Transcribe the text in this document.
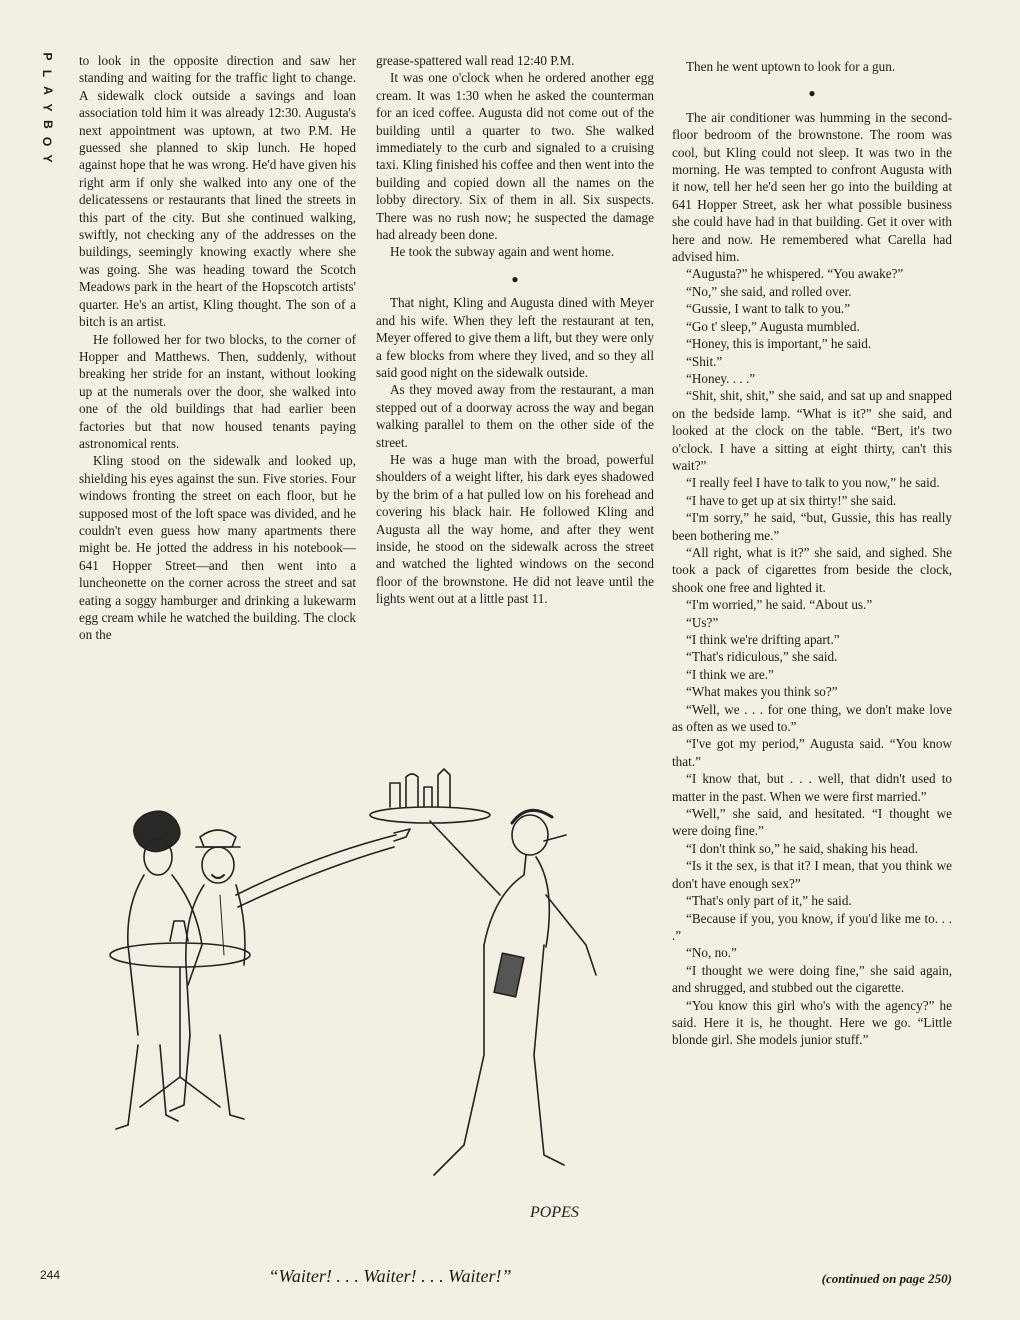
P
L
A
Y
B
O
Y

to look in the opposite direction and saw her standing and waiting for the traffic light to change. A sidewalk clock outside a savings and loan association told him it was already 12:30. Augusta's next appointment was uptown, at two P.M. He guessed she planned to skip lunch. He hoped against hope that he was wrong. He'd have given his right arm if only she walked into any one of the delicatessens or restaurants that lined the streets in this part of the city. But she continued walking, swiftly, not checking any of the addresses on the buildings, seemingly knowing exactly where she was going. She was heading toward the Scotch Meadows park in the heart of the Hopscotch artists' quarter. He's an artist, Kling thought. The son of a bitch is an artist.

He followed her for two blocks, to the corner of Hopper and Matthews. Then, suddenly, without breaking her stride for an instant, without looking up at the numerals over the door, she walked into one of the old buildings that had earlier been factories but that now housed tenants paying astronomical rents.

Kling stood on the sidewalk and looked up, shielding his eyes against the sun. Five stories. Four windows fronting the street on each floor, but he supposed most of the loft space was divided, and he couldn't even guess how many apartments there might be. He jotted the address in his notebook—641 Hopper Street—and then went into a luncheonette on the corner across the street and sat eating a soggy hamburger and drinking a lukewarm egg cream while he watched the building. The clock on the

grease-spattered wall read 12:40 P.M.

It was one o'clock when he ordered another egg cream. It was 1:30 when he asked the counterman for an iced coffee. Augusta did not come out of the building until a quarter to two. She walked immediately to the curb and signaled to a cruising taxi. Kling finished his coffee and then went into the building and copied down all the names on the lobby directory. Six of them in all. Six suspects. There was no rush now; he suspected the damage had already been done.

He took the subway again and went home.

●

That night, Kling and Augusta dined with Meyer and his wife. When they left the restaurant at ten, Meyer offered to give them a lift, but they were only a few blocks from where they lived, and so they all said good night on the sidewalk outside.

As they moved away from the restaurant, a man stepped out of a doorway across the way and began walking parallel to them on the other side of the street.

He was a huge man with the broad, powerful shoulders of a weight lifter, his dark eyes shadowed by the brim of a hat pulled low on his forehead and covering his black hair. He followed Kling and Augusta all the way home, and after they went inside, he stood on the sidewalk across the street and watched the lighted windows on the second floor of the brownstone. He did not leave until the lights went out at a little past 11.

Then he went uptown to look for a gun.

●

The air conditioner was humming in the second-floor bedroom of the brownstone. The room was cool, but Kling could not sleep. It was two in the morning. He was tempted to confront Augusta with it now, tell her he'd seen her go into the building at 641 Hopper Street, ask her what possible business she could have had in that building. Get it over with here and now. He remembered what Carella had advised him.

“Augusta?” he whispered. “You awake?”

“No,” she said, and rolled over.

“Gussie, I want to talk to you.”

“Go t' sleep,” Augusta mumbled.

“Honey, this is important,” he said.

“Shit.”

“Honey. . . .”

“Shit, shit, shit,” she said, and sat up and snapped on the bedside lamp. “What is it?” she said, and looked at the clock on the table. “Bert, it's two o'clock. I have a sitting at eight thirty, can't this wait?”

“I really feel I have to talk to you now,” he said.

“I have to get up at six thirty!” she said.

“I'm sorry,” he said, “but, Gussie, this has really been bothering me.”

“All right, what is it?” she said, and sighed. She took a pack of cigarettes from beside the clock, shook one free and lighted it.

“I'm worried,” he said. “About us.”

“Us?”

“I think we're drifting apart.”

“That's ridiculous,” she said.

“I think we are.”

“What makes you think so?”

“Well, we . . . for one thing, we don't make love as often as we used to.”

“I've got my period,” Augusta said. “You know that.”

“I know that, but . . . well, that didn't used to matter in the past. When we were first married.”

“Well,” she said, and hesitated. “I thought we were doing fine.”

“I don't think so,” he said, shaking his head.

“Is it the sex, is that it? I mean, that you think we don't have enough sex?”

“That's only part of it,” he said.

“Because if you, you know, if you'd like me to. . . .”

“No, no.”

“I thought we were doing fine,” she said again, and shrugged, and stubbed out the cigarette.

“You know this girl who's with the agency?” he said. Here it is, he thought. Here we go. “Little blonde girl. She models junior stuff.”

POPES
“Waiter! . . . Waiter! . . . Waiter!”
244	(continued on page 250)
